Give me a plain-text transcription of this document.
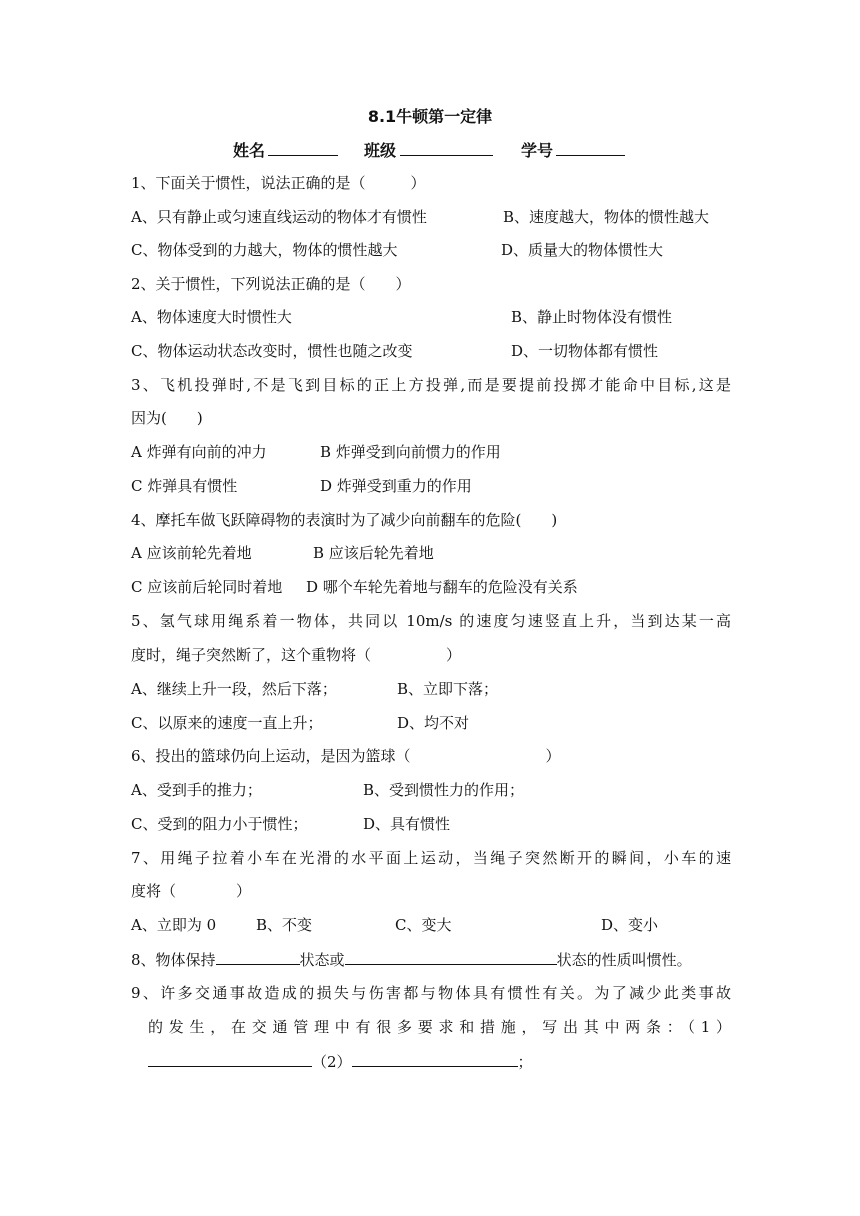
8.1牛顿第一定律
姓名	班级	学号
1、下面关于惯性，说法正确的是（　　　）
A、只有静止或匀速直线运动的物体才有惯性	B、速度越大，物体的惯性越大
C、物体受到的力越大，物体的惯性越大	D、质量大的物体惯性大
2、关于惯性，下列说法正确的是（　　）
A、物体速度大时惯性大	B、静止时物体没有惯性
C、物体运动状态改变时，惯性也随之改变	D、一切物体都有惯性
3、飞机投弹时,不是飞到目标的正上方投弹,而是要提前投掷才能命中目标,这是
因为(　　)
A 炸弹有向前的冲力	B 炸弹受到向前惯力的作用
C 炸弹具有惯性	D 炸弹受到重力的作用
4、摩托车做飞跃障碍物的表演时为了减少向前翻车的危险(　　)
A 应该前轮先着地	B 应该后轮先着地
C 应该前后轮同时着地 D 哪个车轮先着地与翻车的危险没有关系
5、氢气球用绳系着一物体，共同以 10m/s 的速度匀速竖直上升，当到达某一高
度时，绳子突然断了，这个重物将（　　　　　）
A、继续上升一段，然后下落；	B、立即下落；
C、以原来的速度一直上升；	D、均不对
6、投出的篮球仍向上运动，是因为篮球（　　　　　　　　　）
A、受到手的推力；	B、受到惯性力的作用；
C、受到的阻力小于惯性；	D、具有惯性
7、用绳子拉着小车在光滑的水平面上运动，当绳子突然断开的瞬间，小车的速
度将（　　　　）
A、立即为 0	B、不变	C、变大	D、变小
8、物体保持	状态或	状态的性质叫惯性。
9、许多交通事故造成的损失与伤害都与物体具有惯性有关。为了减少此类事故
的发生，在交通管理中有很多要求和措施，写出其中两条：（1）
（2）	；
